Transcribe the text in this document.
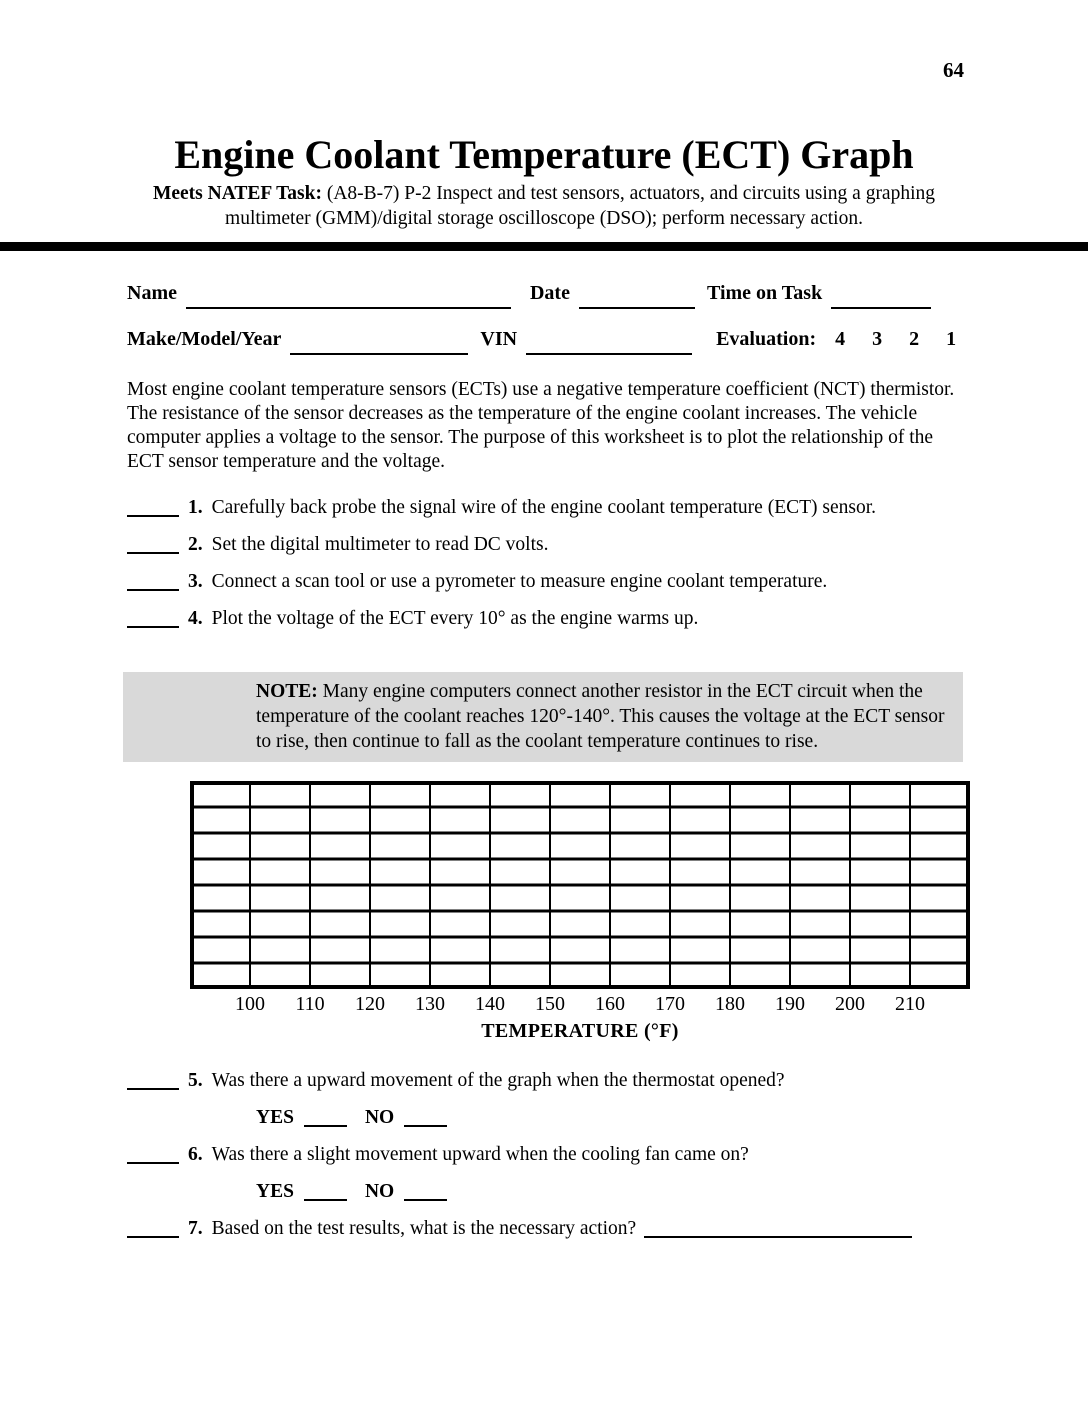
64
Engine Coolant Temperature (ECT) Graph

Meets NATEF Task: (A8-B-7) P-2 Inspect and test sensors, actuators, and circuits using a graphing multimeter (GMM)/digital storage oscilloscope (DSO); perform necessary action.

Name	Date	Time on Task
Make/Model/Year	VIN	Evaluation: 4 3 2 1

Most engine coolant temperature sensors (ECTs) use a negative temperature coefficient (NCT) thermistor. The resistance of the sensor decreases as the temperature of the engine coolant increases. The vehicle computer applies a voltage to the sensor. The purpose of this worksheet is to plot the relationship of the ECT sensor temperature and the voltage.

1. Carefully back probe the signal wire of the engine coolant temperature (ECT) sensor.
2. Set the digital multimeter to read DC volts.
3. Connect a scan tool or use a pyrometer to measure engine coolant temperature.
4. Plot the voltage of the ECT every 10° as the engine warms up.
NOTE: Many engine computers connect another resistor in the ECT circuit when the temperature of the coolant reaches 120°-140°. This causes the voltage at the ECT sensor to rise, then continue to fall as the coolant temperature continues to rise.
100 110 120 130 140 150 160 170 180 190 200 210
TEMPERATURE (°F)
5. Was there a upward movement of the graph when the thermostat opened?
YES	NO
6. Was there a slight movement upward when the cooling fan came on?
YES	NO
7. Based on the test results, what is the necessary action?
